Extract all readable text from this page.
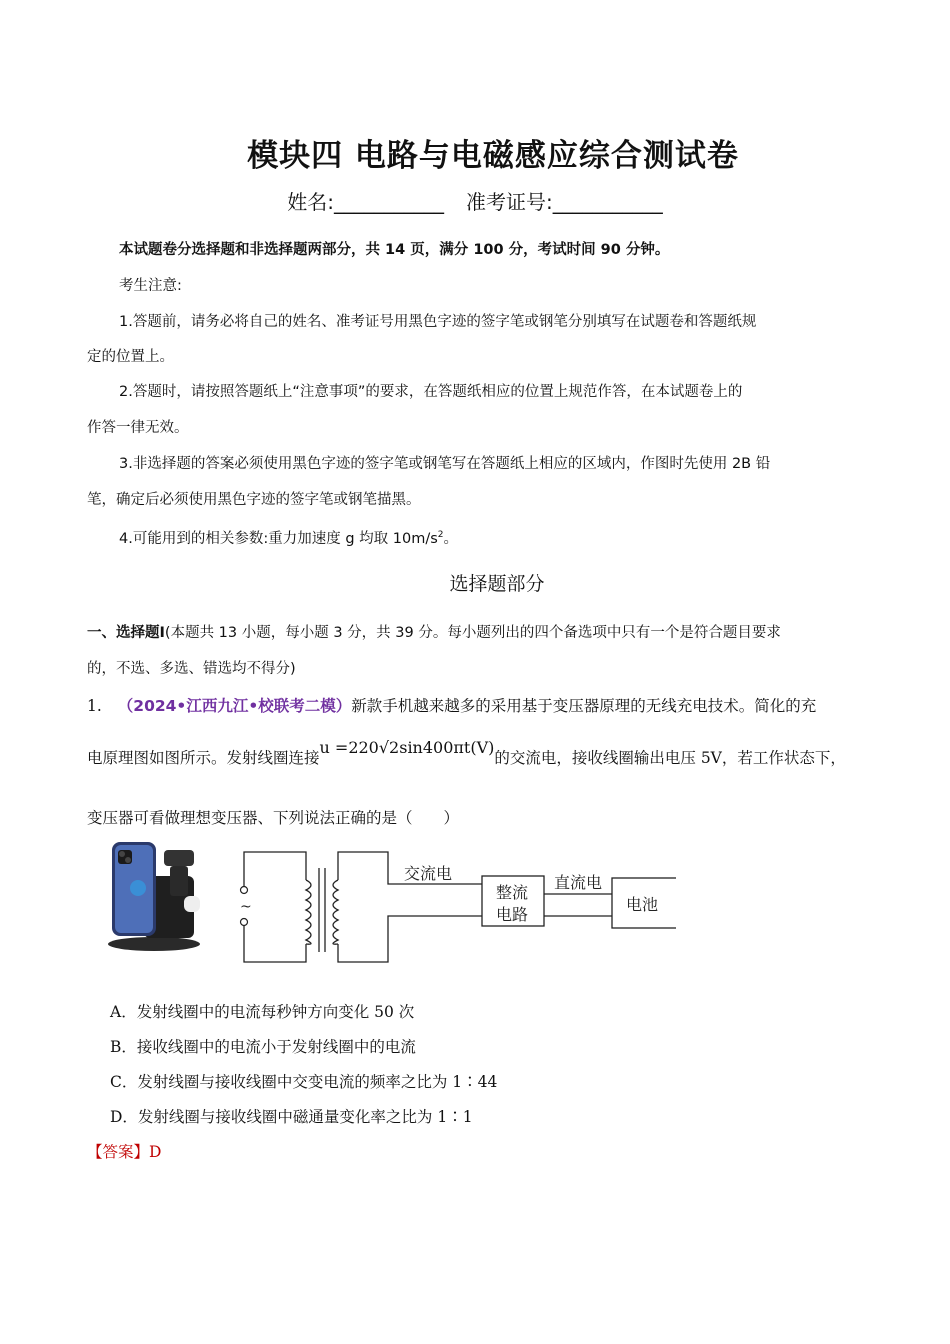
模块四 电路与电磁感应综合测试卷
姓名:___________ 准考证号:___________
本试题卷分选择题和非选择题两部分，共 14 页，满分 100 分，考试时间 90 分钟。
考生注意:
1.答题前，请务必将自己的姓名、准考证号用黑色字迹的签字笔或钢笔分别填写在试题卷和答题纸规
定的位置上。
2.答题时，请按照答题纸上“注意事项”的要求，在答题纸相应的位置上规范作答，在本试题卷上的
作答一律无效。
3.非选择题的答案必须使用黑色字迹的签字笔或钢笔写在答题纸上相应的区域内，作图时先使用 2B 铅
笔，确定后必须使用黑色字迹的签字笔或钢笔描黑。
4.可能用到的相关参数:重力加速度 g 均取 $10m/s^2$。
选择题部分
一、选择题Ⅰ(本题共 13 小题，每小题 3 分，共 39 分。每小题列出的四个备选项中只有一个是符合题目要求
的，不选、多选、错选均不得分)
1. （2024•江西九江•校联考二模）新款手机越来越多的采用基于变压器原理的无线充电技术。简化的充
电原理图如图所示。发射线圈连接u =220√2sin400πt(V)的交流电，接收线圈输出电压 5V，若工作状态下，
变压器可看做理想变压器、下列说法正确的是（　　）
~
交流电
整流
电路
直流电
电池
A．发射线圈中的电流每秒钟方向变化 50 次
B．接收线圈中的电流小于发射线圈中的电流
C．发射线圈与接收线圈中交变电流的频率之比为 1∶44
D．发射线圈与接收线圈中磁通量变化率之比为 1∶1
【答案】D
